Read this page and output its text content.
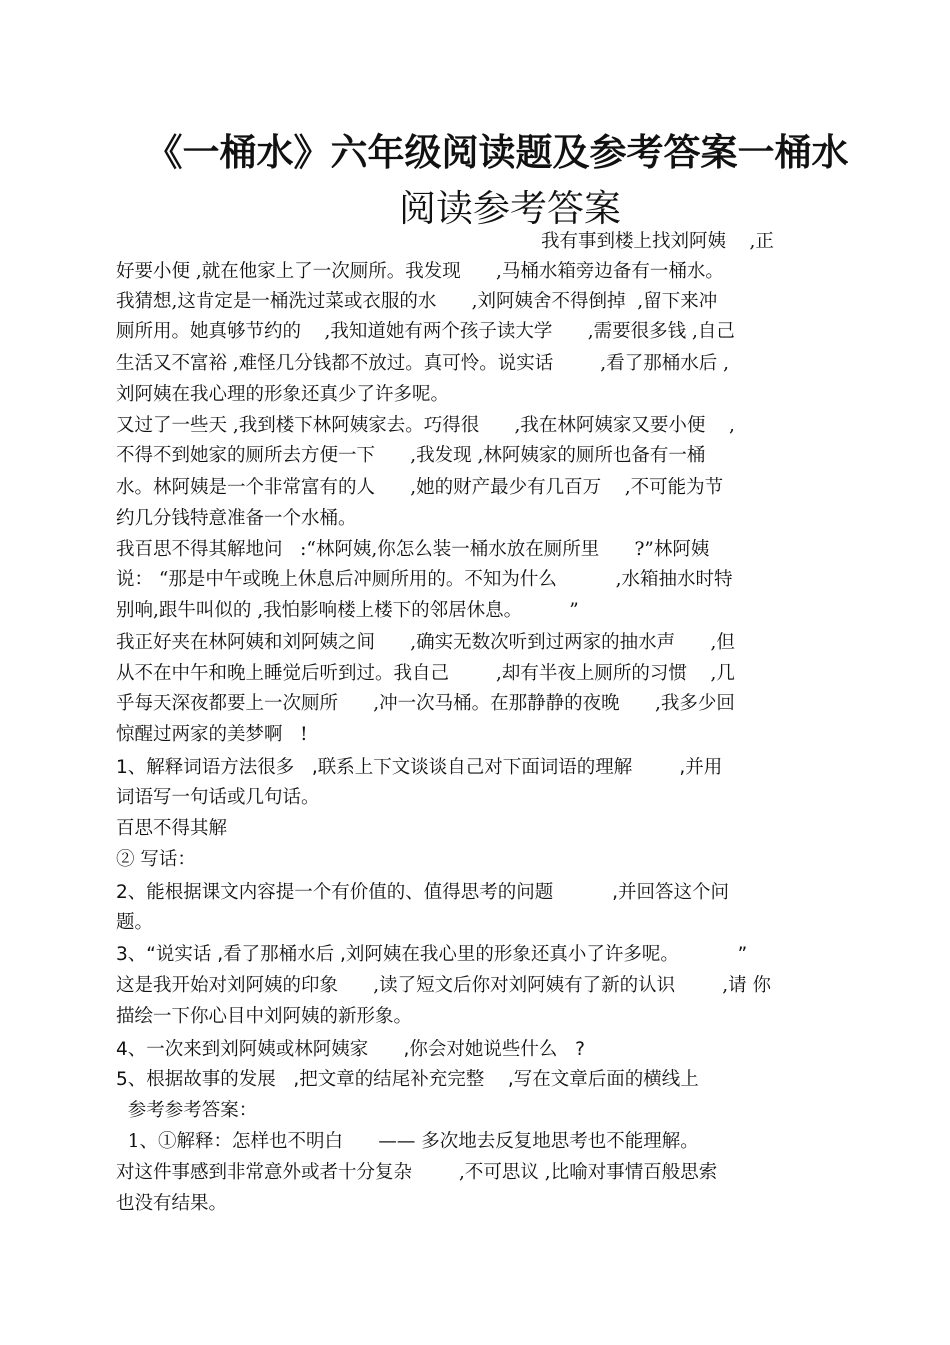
《一桶水》六年级阅读题及参考答案一桶水
阅读参考答案
我有事到楼上找刘阿姨    ,正
好要小便 ,就在他家上了一次厕所。我发现      ,马桶水箱旁边备有一桶水。
我猜想,这肯定是一桶洗过菜或衣服的水      ,刘阿姨舍不得倒掉  ,留下来冲
厕所用。她真够节约的    ,我知道她有两个孩子读大学      ,需要很多钱 ,自己
生活又不富裕 ,难怪几分钱都不放过。真可怜。说实话        ,看了那桶水后 ,
刘阿姨在我心理的形象还真少了许多呢。
又过了一些天 ,我到楼下林阿姨家去。巧得很      ,我在林阿姨家又要小便    ,
不得不到她家的厕所去方便一下      ,我发现 ,林阿姨家的厕所也备有一桶
水。林阿姨是一个非常富有的人      ,她的财产最少有几百万    ,不可能为节
约几分钱特意准备一个水桶。
我百思不得其解地问   :“林阿姨,你怎么装一桶水放在厕所里      ?”林阿姨
说： “那是中午或晚上休息后冲厕所用的。不知为什么          ,水箱抽水时特
别响,跟牛叫似的 ,我怕影响楼上楼下的邻居休息。        ”
我正好夹在林阿姨和刘阿姨之间      ,确实无数次听到过两家的抽水声      ,但
从不在中午和晚上睡觉后听到过。我自己        ,却有半夜上厕所的习惯    ,几
乎每天深夜都要上一次厕所      ,冲一次马桶。在那静静的夜晚      ,我多少回
惊醒过两家的美梦啊   !
1、解释词语方法很多   ,联系上下文谈谈自己对下面词语的理解        ,并用
词语写一句话或几句话。
百思不得其解
② 写话：
2、能根据课文内容提一个有价值的、值得思考的问题          ,并回答这个问
题。
3、“说实话 ,看了那桶水后 ,刘阿姨在我心里的形象还真小了许多呢。          ”
这是我开始对刘阿姨的印象      ,读了短文后你对刘阿姨有了新的认识        ,请 你
描绘一下你心目中刘阿姨的新形象。
4、一次来到刘阿姨或林阿姨家      ,你会对她说些什么   ?
5、根据故事的发展   ,把文章的结尾补充完整    ,写在文章后面的横线上
参考参考答案：
1、①解释：怎样也不明白      —— 多次地去反复地思考也不能理解。
对这件事感到非常意外或者十分复杂        ,不可思议 ,比喻对事情百般思索
也没有结果。
